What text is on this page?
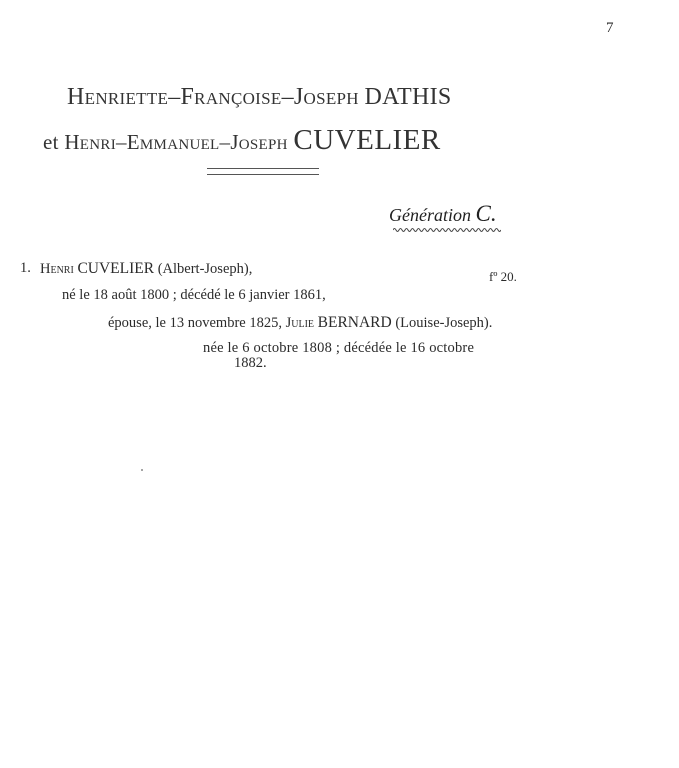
7
Henriette–Françoise–Joseph DATHIS
et Henri–Emmanuel–Joseph CUVELIER
Génération C.
1. Henri CUVELIER (Albert-Joseph),	fº 20.
né le 18 août 1800 ; décédé le 6 janvier 1861,
épouse, le 13 novembre 1825, Julie BERNARD (Louise-Joseph).
née le 6 octobre 1808 ; décédée le 16 octobre
1882.
